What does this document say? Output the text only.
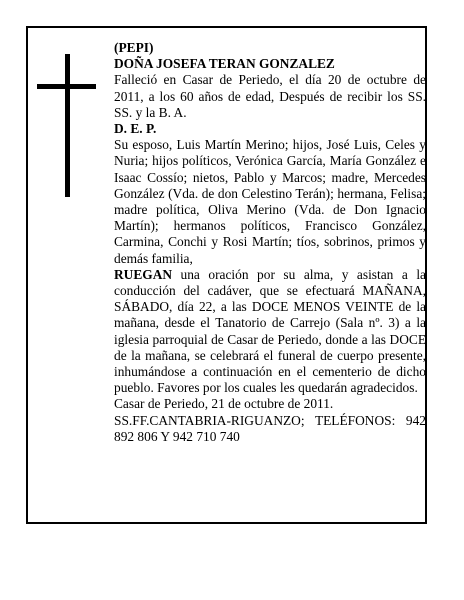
(PEPI)

DOÑA JOSEFA TERAN GONZALEZ

Falleció en Casar de Periedo, el día 20 de octubre de 2011, a los 60 años de edad, Después de recibir los SS. SS. y la B. A.

D. E. P.

Su esposo, Luis Martín Merino; hijos, José Luis, Celes y Nuria; hijos políticos, Verónica García, María González e Isaac Cossío; nietos, Pablo y Marcos; madre, Mercedes González (Vda. de don Celestino Terán); hermana, Felisa; madre política, Oliva Merino (Vda. de Don Ignacio Martín); hermanos políticos, Francisco González, Carmina, Conchi y Rosi Martín; tíos, sobrinos, primos y demás familia,

RUEGAN una oración por su alma, y asistan a la conducción del cadáver, que se efectuará MAÑANA, SÁBADO, día 22, a las DOCE MENOS VEINTE de la mañana, desde el Tanatorio de Carrejo (Sala nº. 3) a la iglesia parroquial de Casar de Periedo, donde a las DOCE de la mañana, se celebrará el funeral de cuerpo presente, inhumándose a continuación en el cementerio de dicho pueblo. Favores por los cuales les quedarán agradecidos.

Casar de Periedo, 21 de octubre de 2011.

SS.FF.CANTABRIA-RIGUANZO; TELÉFONOS: 942 892 806 Y 942 710 740
